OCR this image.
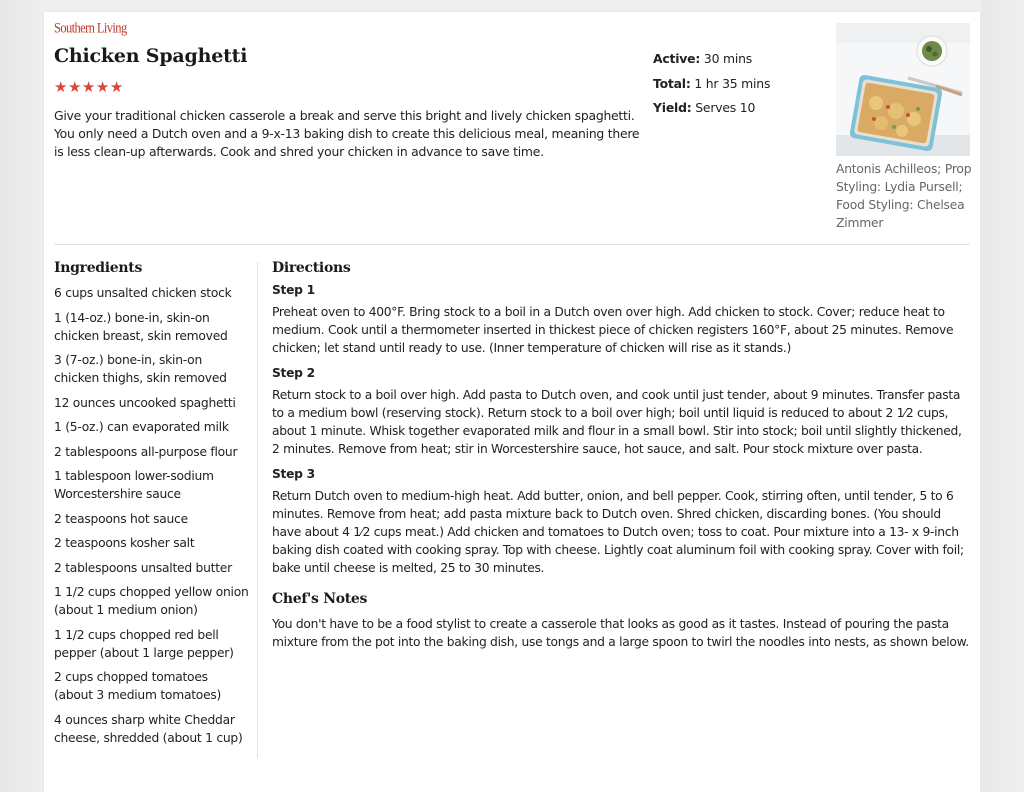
Southern Living
Chicken Spaghetti
★★★★★

Give your traditional chicken casserole a break and serve this bright and lively chicken spaghetti. You only need a Dutch oven and a 9-x-13 baking dish to create this delicious meal, meaning there is less clean-up afterwards. Cook and shred your chicken in advance to save time.

Active: 30 mins
Total: 1 hr 35 mins
Yield: Serves 10
Antonis Achilleos; Prop Styling: Lydia Pursell; Food Styling: Chelsea Zimmer
Ingredients
6 cups unsalted chicken stock
1 (14-oz.) bone-in, skin-on chicken breast, skin removed
3 (7-oz.) bone-in, skin-on chicken thighs, skin removed
12 ounces uncooked spaghetti
1 (5-oz.) can evaporated milk
2 tablespoons all-purpose flour
1 tablespoon lower-sodium Worcestershire sauce
2 teaspoons hot sauce
2 teaspoons kosher salt
2 tablespoons unsalted butter
1 1/2 cups chopped yellow onion (about 1 medium onion)
1 1/2 cups chopped red bell pepper (about 1 large pepper)
2 cups chopped tomatoes (about 3 medium tomatoes)
4 ounces sharp white Cheddar cheese, shredded (about 1 cup)
Directions
Step 1
Preheat oven to 400°F. Bring stock to a boil in a Dutch oven over high. Add chicken to stock. Cover; reduce heat to medium. Cook until a thermometer inserted in thickest piece of chicken registers 160°F, about 25 minutes. Remove chicken; let stand until ready to use. (Inner temperature of chicken will rise as it stands.)
Step 2
Return stock to a boil over high. Add pasta to Dutch oven, and cook until just tender, about 9 minutes. Transfer pasta to a medium bowl (reserving stock). Return stock to a boil over high; boil until liquid is reduced to about 2 1⁄2 cups, about 1 minute. Whisk together evaporated milk and flour in a small bowl. Stir into stock; boil until slightly thickened, 2 minutes. Remove from heat; stir in Worcestershire sauce, hot sauce, and salt. Pour stock mixture over pasta.
Step 3
Return Dutch oven to medium-high heat. Add butter, onion, and bell pepper. Cook, stirring often, until tender, 5 to 6 minutes. Remove from heat; add pasta mixture back to Dutch oven. Shred chicken, discarding bones. (You should have about 4 1⁄2 cups meat.) Add chicken and tomatoes to Dutch oven; toss to coat. Pour mixture into a 13- x 9-inch baking dish coated with cooking spray. Top with cheese. Lightly coat aluminum foil with cooking spray. Cover with foil; bake until cheese is melted, 25 to 30 minutes.
Chef's Notes
You don't have to be a food stylist to create a casserole that looks as good as it tastes. Instead of pouring the pasta mixture from the pot into the baking dish, use tongs and a large spoon to twirl the noodles into nests, as shown below.
